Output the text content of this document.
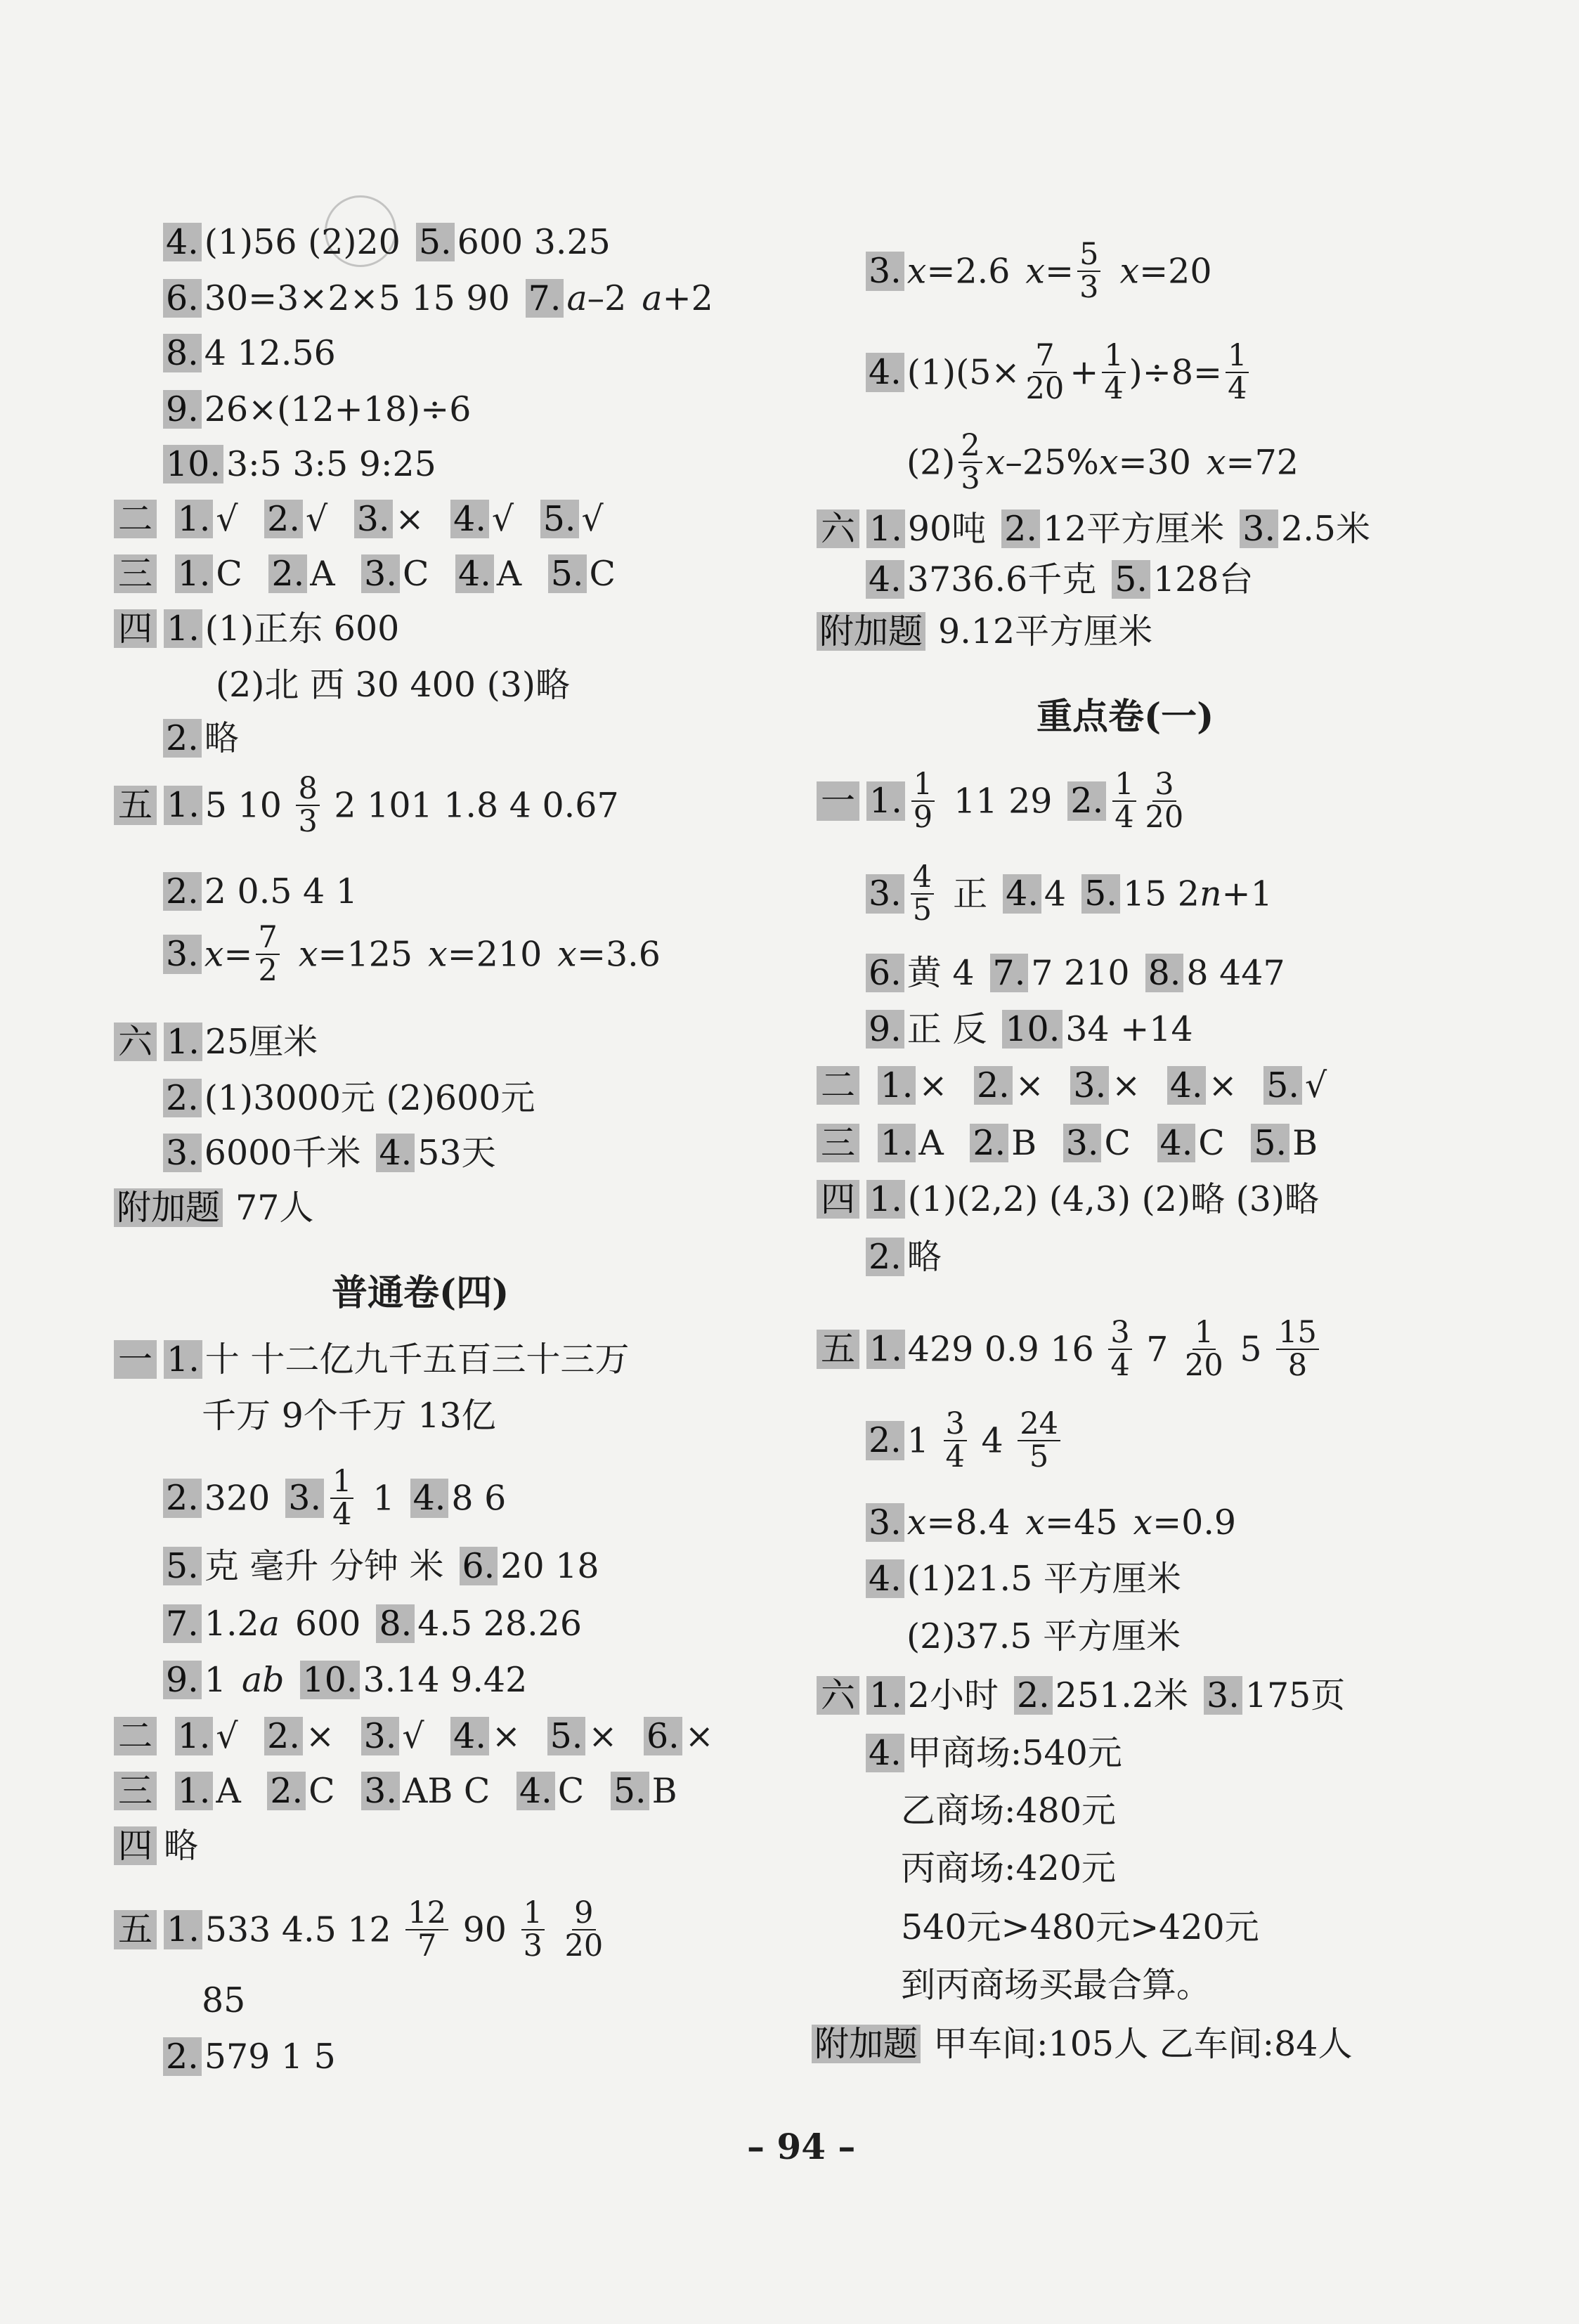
4. (1)56 (2)20 5. 600 3.25
6. 30=3×2×5 15 90 7. a–2 a+2
8. 4 12.56
9. 26×(12+18)÷6
10. 3:5 3:5 9:25
二 1. √ 2. √ 3. × 4. √ 5. √
三 1. C 2. A 3. C 4. A 5. C
四 1. (1)正东 600
(2)北 西 30 400 (3)略
2. 略
五 1. 5 $10 \frac{8}{3} 2$ 101 1.8 4 0.67
2. 2 0.5 4 1
3. $x= \frac{7}{2} x=125$ x=210 x=3.6
六 1. 25厘米
2. (1)3000元 (2)600元
3. 6000千米 4. 53天
附加题 77人
普通卷(四)
一 1. 十 十二亿九千五百三十三万
千万 9个千万 13亿
2. 320 3. $\frac{1}{4} 1$ 4. 8 6
5. 克 毫升 分钟 米 6. 20 18
7. 1.2a 600 8. 4.5 28.26
9. 1 ab 10. 3.14 9.42
二 1. √ 2. × 3. √ 4. × 5. × 6. ×
三 1. A 2. C 3. AB C 4. C 5. B
四 略
五 1. 533 4.5 $12 \frac{12}{7} 90 \frac{1}{3}$
$\frac{9}{20}$
85
2. 579 1 5
3. x=2.6 $x= \frac{5}{3} x=20$
4. $(1)(5\times \frac{7}{20} + \frac{1}{4} )\div 8= \frac{1}{4}$
$(2) \frac{2}{3} x-25\%x=30$ x=72
六 1. 90吨 2. 12平方厘米 3. 2.5米
4. 3736.6千克 5. 128台
附加题 9.12平方厘米
重点卷(一)
一 1. $\frac{1}{9} 11$ 29 2. $\frac{1}{4} \frac{3}{20}$
3. $\frac{4}{5}$ 正 4. 4 5. 15 2n+1
6. 黄 4 7. 7 210 8. 8 447
9. 正 反 10. 34 +14
二 1. × 2. × 3. × 4. × 5. √
三 1. A 2. B 3. C 4. C 5. B
四 1. (1)(2,2) (4,3) (2)略 (3)略
2. 略
五 1. 429 0.9 $16 \frac{3}{4} 7 \frac{1}{20} 5 \frac{15}{8}$
2. $1 \frac{3}{4} 4 \frac{24}{5}$
3. x=8.4 x=45 x=0.9
4. (1)21.5 平方厘米
(2)37.5 平方厘米
六 1. 2小时 2. 251.2米 3. 175页
4. 甲商场:540元
乙商场:480元
丙商场:420元
540元>480元>420元
到丙商场买最合算。
附加题 甲车间:105人 乙车间:84人
– 94 –
